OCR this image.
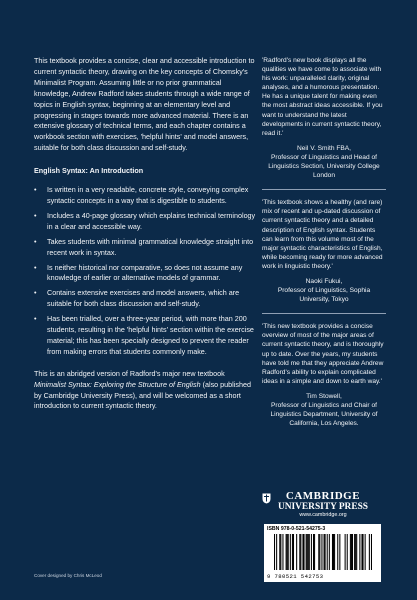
This textbook provides a concise, clear and accessible introduction to current syntactic theory, drawing on the key concepts of Chomsky's Minimalist Program. Assuming little or no prior grammatical knowledge, Andrew Radford takes students through a wide range of topics in English syntax, beginning at an elementary level and progressing in stages towards more advanced material. There is an extensive glossary of technical terms, and each chapter contains a workbook section with exercises, 'helpful hints' and model answers, suitable for both class discussion and self-study.

English Syntax: An Introduction

• Is written in a very readable, concrete style, conveying complex syntactic concepts in a way that is digestible to students.
• Includes a 40-page glossary which explains technical terminology in a clear and accessible way.
• Takes students with minimal grammatical knowledge straight into recent work in syntax.
• Is neither historical nor comparative, so does not assume any knowledge of earlier or alternative models of grammar.
• Contains extensive exercises and model answers, which are suitable for both class discussion and self-study.
• Has been trialled, over a three-year period, with more than 200 students, resulting in the 'helpful hints' section within the exercise material; this has been specially designed to prevent the reader from making errors that students commonly make.

This is an abridged version of Radford's major new textbook Minimalist Syntax: Exploring the Structure of English (also published by Cambridge University Press), and will be welcomed as a short introduction to current syntactic theory.

Cover designed by Chris McLeod

'Radford's new book displays all the qualities we have come to associate with his work: unparalleled clarity, original analyses, and a humorous presentation. He has a unique talent for making even the most abstract ideas accessible. If you want to understand the latest developments in current syntactic theory, read it.'

Neil V. Smith FBA,
Professor of Linguistics and Head of Linguistics Section, University College London

'This textbook shows a healthy (and rare) mix of recent and up-dated discussion of current syntactic theory and a detailed description of English syntax. Students can learn from this volume most of the major syntactic characteristics of English, while becoming ready for more advanced work in linguistic theory.'

Naoki Fukui,
Professor of Linguistics, Sophia University, Tokyo

'This new textbook provides a concise overview of most of the major areas of current syntactic theory, and is thoroughly up to date. Over the years, my students have told me that they appreciate Andrew Radford's ability to explain complicated ideas in a simple and down to earth way.'

Tim Stowell,
Professor of Linguistics and Chair of Linguistics Department, University of California, Los Angeles.

CAMBRIDGE
UNIVERSITY PRESS
www.cambridge.org
ISBN 978-0-521-54275-3
9 780521 542753
